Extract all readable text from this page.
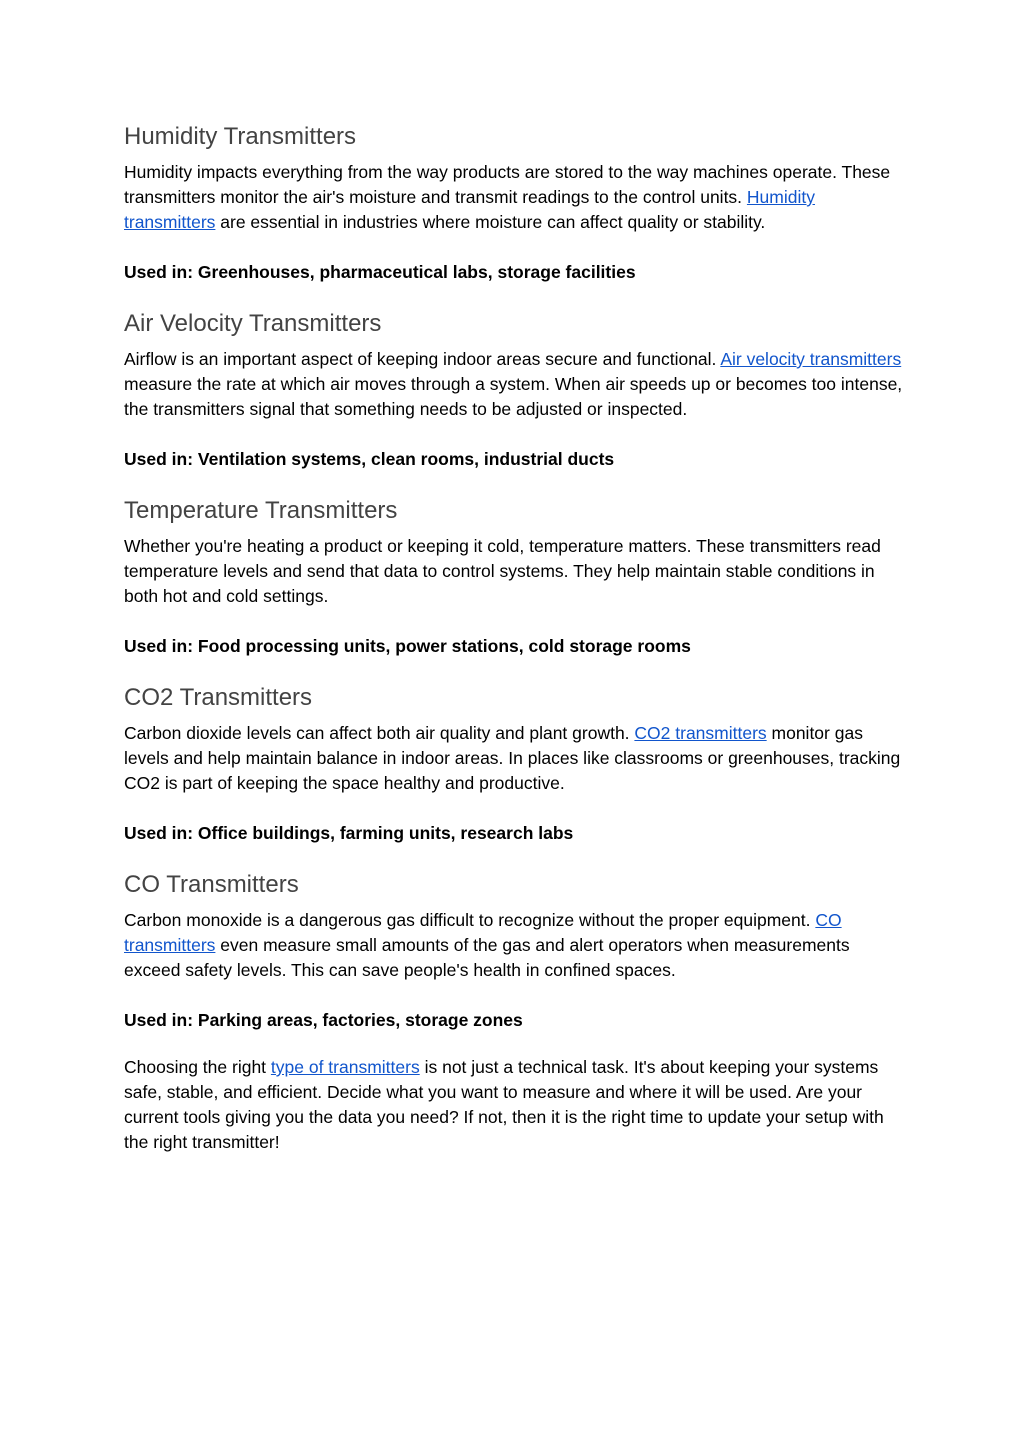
Humidity Transmitters

Humidity impacts everything from the way products are stored to the way machines operate. These transmitters monitor the air's moisture and transmit readings to the control units. Humidity transmitters are essential in industries where moisture can affect quality or stability.

Used in: Greenhouses, pharmaceutical labs, storage facilities

Air Velocity Transmitters

Airflow is an important aspect of keeping indoor areas secure and functional. Air velocity transmitters measure the rate at which air moves through a system. When air speeds up or becomes too intense, the transmitters signal that something needs to be adjusted or inspected.

Used in: Ventilation systems, clean rooms, industrial ducts

Temperature Transmitters

Whether you're heating a product or keeping it cold, temperature matters. These transmitters read temperature levels and send that data to control systems. They help maintain stable conditions in both hot and cold settings.

Used in: Food processing units, power stations, cold storage rooms

CO2 Transmitters

Carbon dioxide levels can affect both air quality and plant growth. CO2 transmitters monitor gas levels and help maintain balance in indoor areas. In places like classrooms or greenhouses, tracking CO2 is part of keeping the space healthy and productive.

Used in: Office buildings, farming units, research labs

CO Transmitters

Carbon monoxide is a dangerous gas difficult to recognize without the proper equipment. CO transmitters even measure small amounts of the gas and alert operators when measurements exceed safety levels. This can save people's health in confined spaces.

Used in: Parking areas, factories, storage zones

Choosing the right type of transmitters is not just a technical task. It's about keeping your systems safe, stable, and efficient. Decide what you want to measure and where it will be used. Are your current tools giving you the data you need? If not, then it is the right time to update your setup with the right transmitter!
